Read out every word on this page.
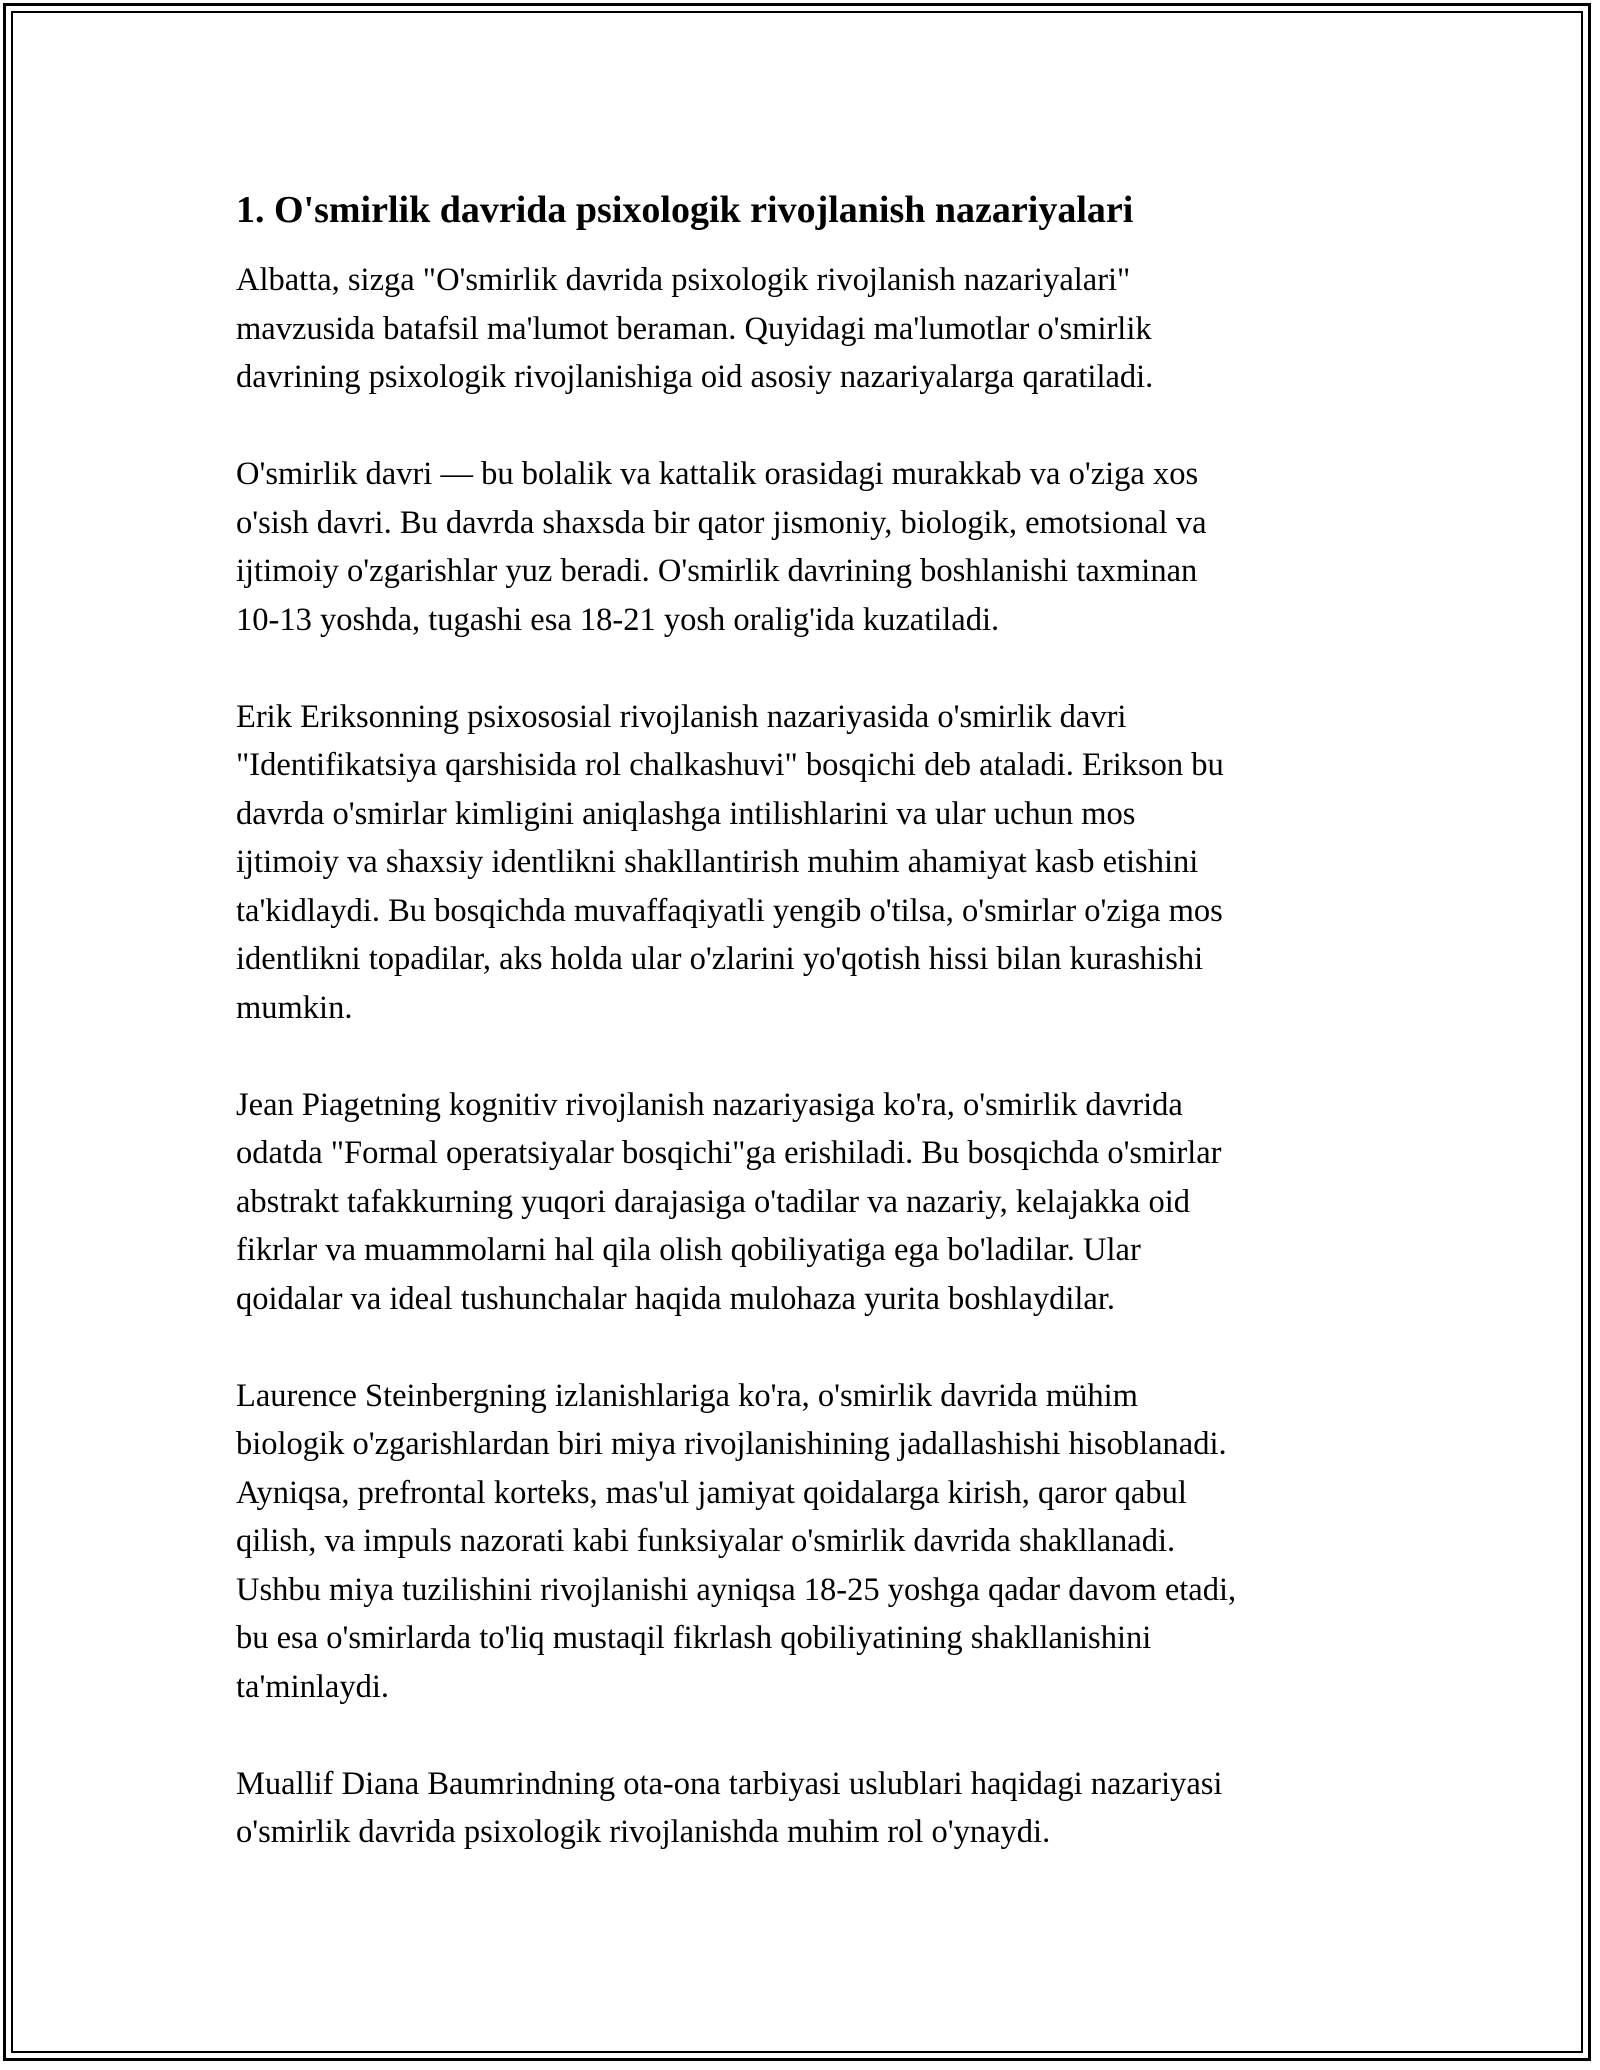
1. O'smirlik davrida psixologik rivojlanish nazariyalari

Albatta, sizga "O'smirlik davrida psixologik rivojlanish nazariyalari"
mavzusida batafsil ma'lumot beraman. Quyidagi ma'lumotlar o'smirlik
davrining psixologik rivojlanishiga oid asosiy nazariyalarga qaratiladi.

O'smirlik davri — bu bolalik va kattalik orasidagi murakkab va o'ziga xos
o'sish davri. Bu davrda shaxsda bir qator jismoniy, biologik, emotsional va
ijtimoiy o'zgarishlar yuz beradi. O'smirlik davrining boshlanishi taxminan
10-13 yoshda, tugashi esa 18-21 yosh oralig'ida kuzatiladi.

Erik Eriksonning psixososial rivojlanish nazariyasida o'smirlik davri
"Identifikatsiya qarshisida rol chalkashuvi" bosqichi deb ataladi. Erikson bu
davrda o'smirlar kimligini aniqlashga intilishlarini va ular uchun mos
ijtimoiy va shaxsiy identlikni shakllantirish muhim ahamiyat kasb etishini
ta'kidlaydi. Bu bosqichda muvaffaqiyatli yengib o'tilsa, o'smirlar o'ziga mos
identlikni topadilar, aks holda ular o'zlarini yo'qotish hissi bilan kurashishi
mumkin.

Jean Piagetning kognitiv rivojlanish nazariyasiga ko'ra, o'smirlik davrida
odatda "Formal operatsiyalar bosqichi"ga erishiladi. Bu bosqichda o'smirlar
abstrakt tafakkurning yuqori darajasiga o'tadilar va nazariy, kelajakka oid
fikrlar va muammolarni hal qila olish qobiliyatiga ega bo'ladilar. Ular
qoidalar va ideal tushunchalar haqida mulohaza yurita boshlaydilar.

Laurence Steinbergning izlanishlariga ko'ra, o'smirlik davrida mühim
biologik o'zgarishlardan biri miya rivojlanishining jadallashishi hisoblanadi.
Ayniqsa, prefrontal korteks, mas'ul jamiyat qoidalarga kirish, qaror qabul
qilish, va impuls nazorati kabi funksiyalar o'smirlik davrida shakllanadi.
Ushbu miya tuzilishini rivojlanishi ayniqsa 18-25 yoshga qadar davom etadi,
bu esa o'smirlarda to'liq mustaqil fikrlash qobiliyatining shakllanishini
ta'minlaydi.

Muallif Diana Baumrindning ota-ona tarbiyasi uslublari haqidagi nazariyasi
o'smirlik davrida psixologik rivojlanishda muhim rol o'ynaydi.
